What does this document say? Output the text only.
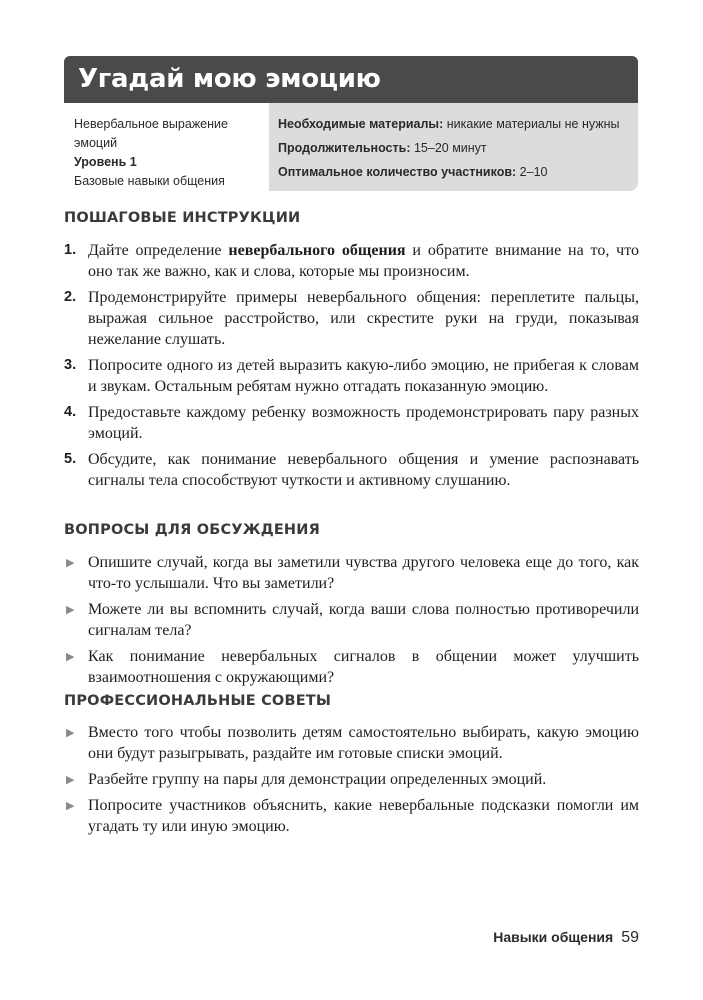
Угадай мою эмоцию
Невербальное выражение эмоций
Уровень 1
Базовые навыки общения

Необходимые материалы: никакие материалы не нужны

Продолжительность: 15–20 минут

Оптимальное количество участников: 2–10

ПОШАГОВЫЕ ИНСТРУКЦИИ
1. Дайте определение невербального общения и обратите внимание на то, что оно так же важно, как и слова, которые мы произносим.
2. Продемонстрируйте примеры невербального общения: переплетите пальцы, выражая сильное расстройство, или скрестите руки на груди, показывая нежелание слушать.
3. Попросите одного из детей выразить какую-либо эмоцию, не прибегая к словам и звукам. Остальным ребятам нужно отгадать показанную эмоцию.
4. Предоставьте каждому ребенку возможность продемонстрировать пару разных эмоций.
5. Обсудите, как понимание невербального общения и умение распознавать сигналы тела способствуют чуткости и активному слушанию.
ВОПРОСЫ ДЛЯ ОБСУЖДЕНИЯ
▶ Опишите случай, когда вы заметили чувства другого человека еще до того, как что-то услышали. Что вы заметили?
▶ Можете ли вы вспомнить случай, когда ваши слова полностью противоречили сигналам тела?
▶ Как понимание невербальных сигналов в общении может улучшить взаимоотношения с окружающими?
ПРОФЕССИОНАЛЬНЫЕ СОВЕТЫ
▶ Вместо того чтобы позволить детям самостоятельно выбирать, какую эмоцию они будут разыгрывать, раздайте им готовые списки эмоций.
▶ Разбейте группу на пары для демонстрации определенных эмоций.
▶ Попросите участников объяснить, какие невербальные подсказки помогли им угадать ту или иную эмоцию.
Навыки общения 59
